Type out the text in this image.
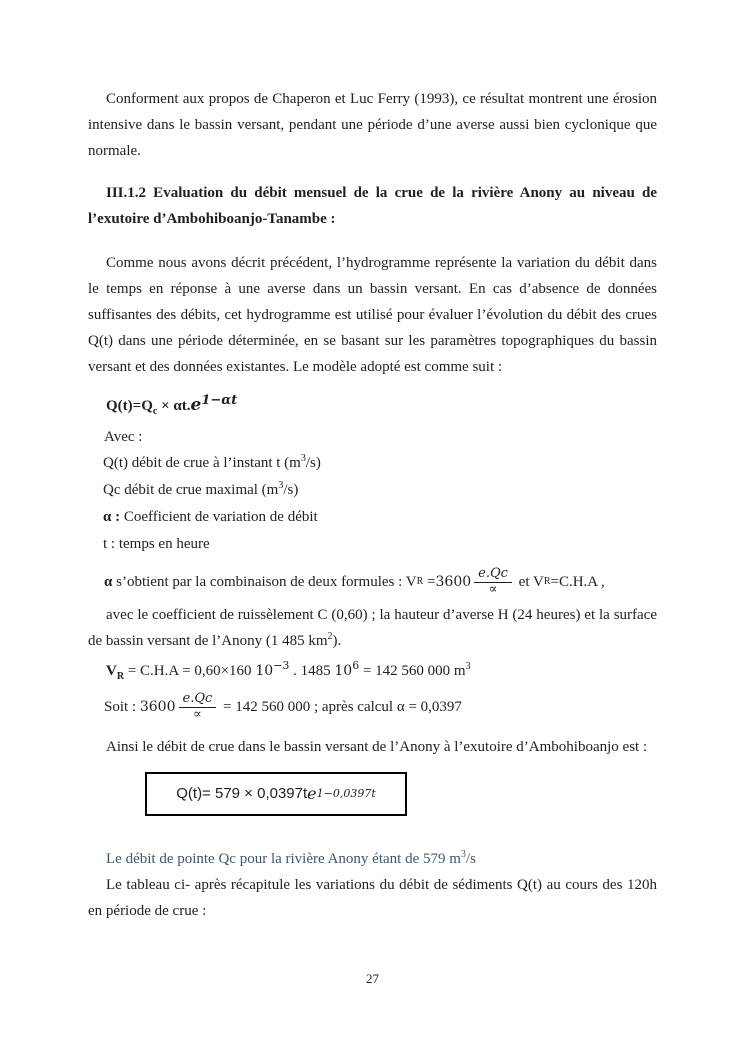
Conforment aux propos de Chaperon et Luc Ferry (1993), ce résultat montrent une érosion intensive dans le bassin versant, pendant une période d’une averse aussi bien cyclonique que normale.

III.1.2 Evaluation du débit mensuel de la crue de la rivière Anony au niveau de l’exutoire d’Ambohiboanjo-Tanambe :

Comme nous avons décrit précédent, l’hydrogramme représente la variation du débit dans le temps en réponse à une averse dans un bassin versant. En cas d’absence de données suffisantes des débits, cet hydrogramme est utilisé pour évaluer l’évolution du débit des crues Q(t) dans une période déterminée, en se basant sur les paramètres topographiques du bassin versant et des données existantes. Le modèle adopté est comme suit :

$Q(t)=Q_c \times \alpha t.e1-\alpha t$
Avec :
Q(t) débit de crue à l’instant t $(m^3/s)$
Qc débit de crue maximal $(m^3/s)$
α : Coefficient de variation de débit
t : temps en heure
α s’obtient par la combinaison de deux formules : V $R = 3600 \frac{e.Qc}{\propto}$ et V R =C.H.A ,

avec le coefficient de ruissèlement C (0,60) ; la hauteur d’averse H (24 heures) et la surface de bassin versant de l’Anony (1 485 $km^2$).

$V_R = C.H.A = 0,60\times 160$ $10^{-3}$ . 1485 $10^6 = 142$ 560 000 $m^3$
Soit : $3600 \frac{e.Qc}{\propto} = 142$ 560 000 ; après calcul α = 0,0397
Ainsi le débit de crue dans le bassin versant de l’Anony à l’exutoire d’Ambohiboanjo est :
Q(t)= 579 × 0,0397t e 1−0,0397t
Le débit de pointe Qc pour la rivière Anony étant de 579 $m^3/s$

Le tableau ci- après récapitule les variations du débit de sédiments Q(t) au cours des 120h en période de crue :

27
